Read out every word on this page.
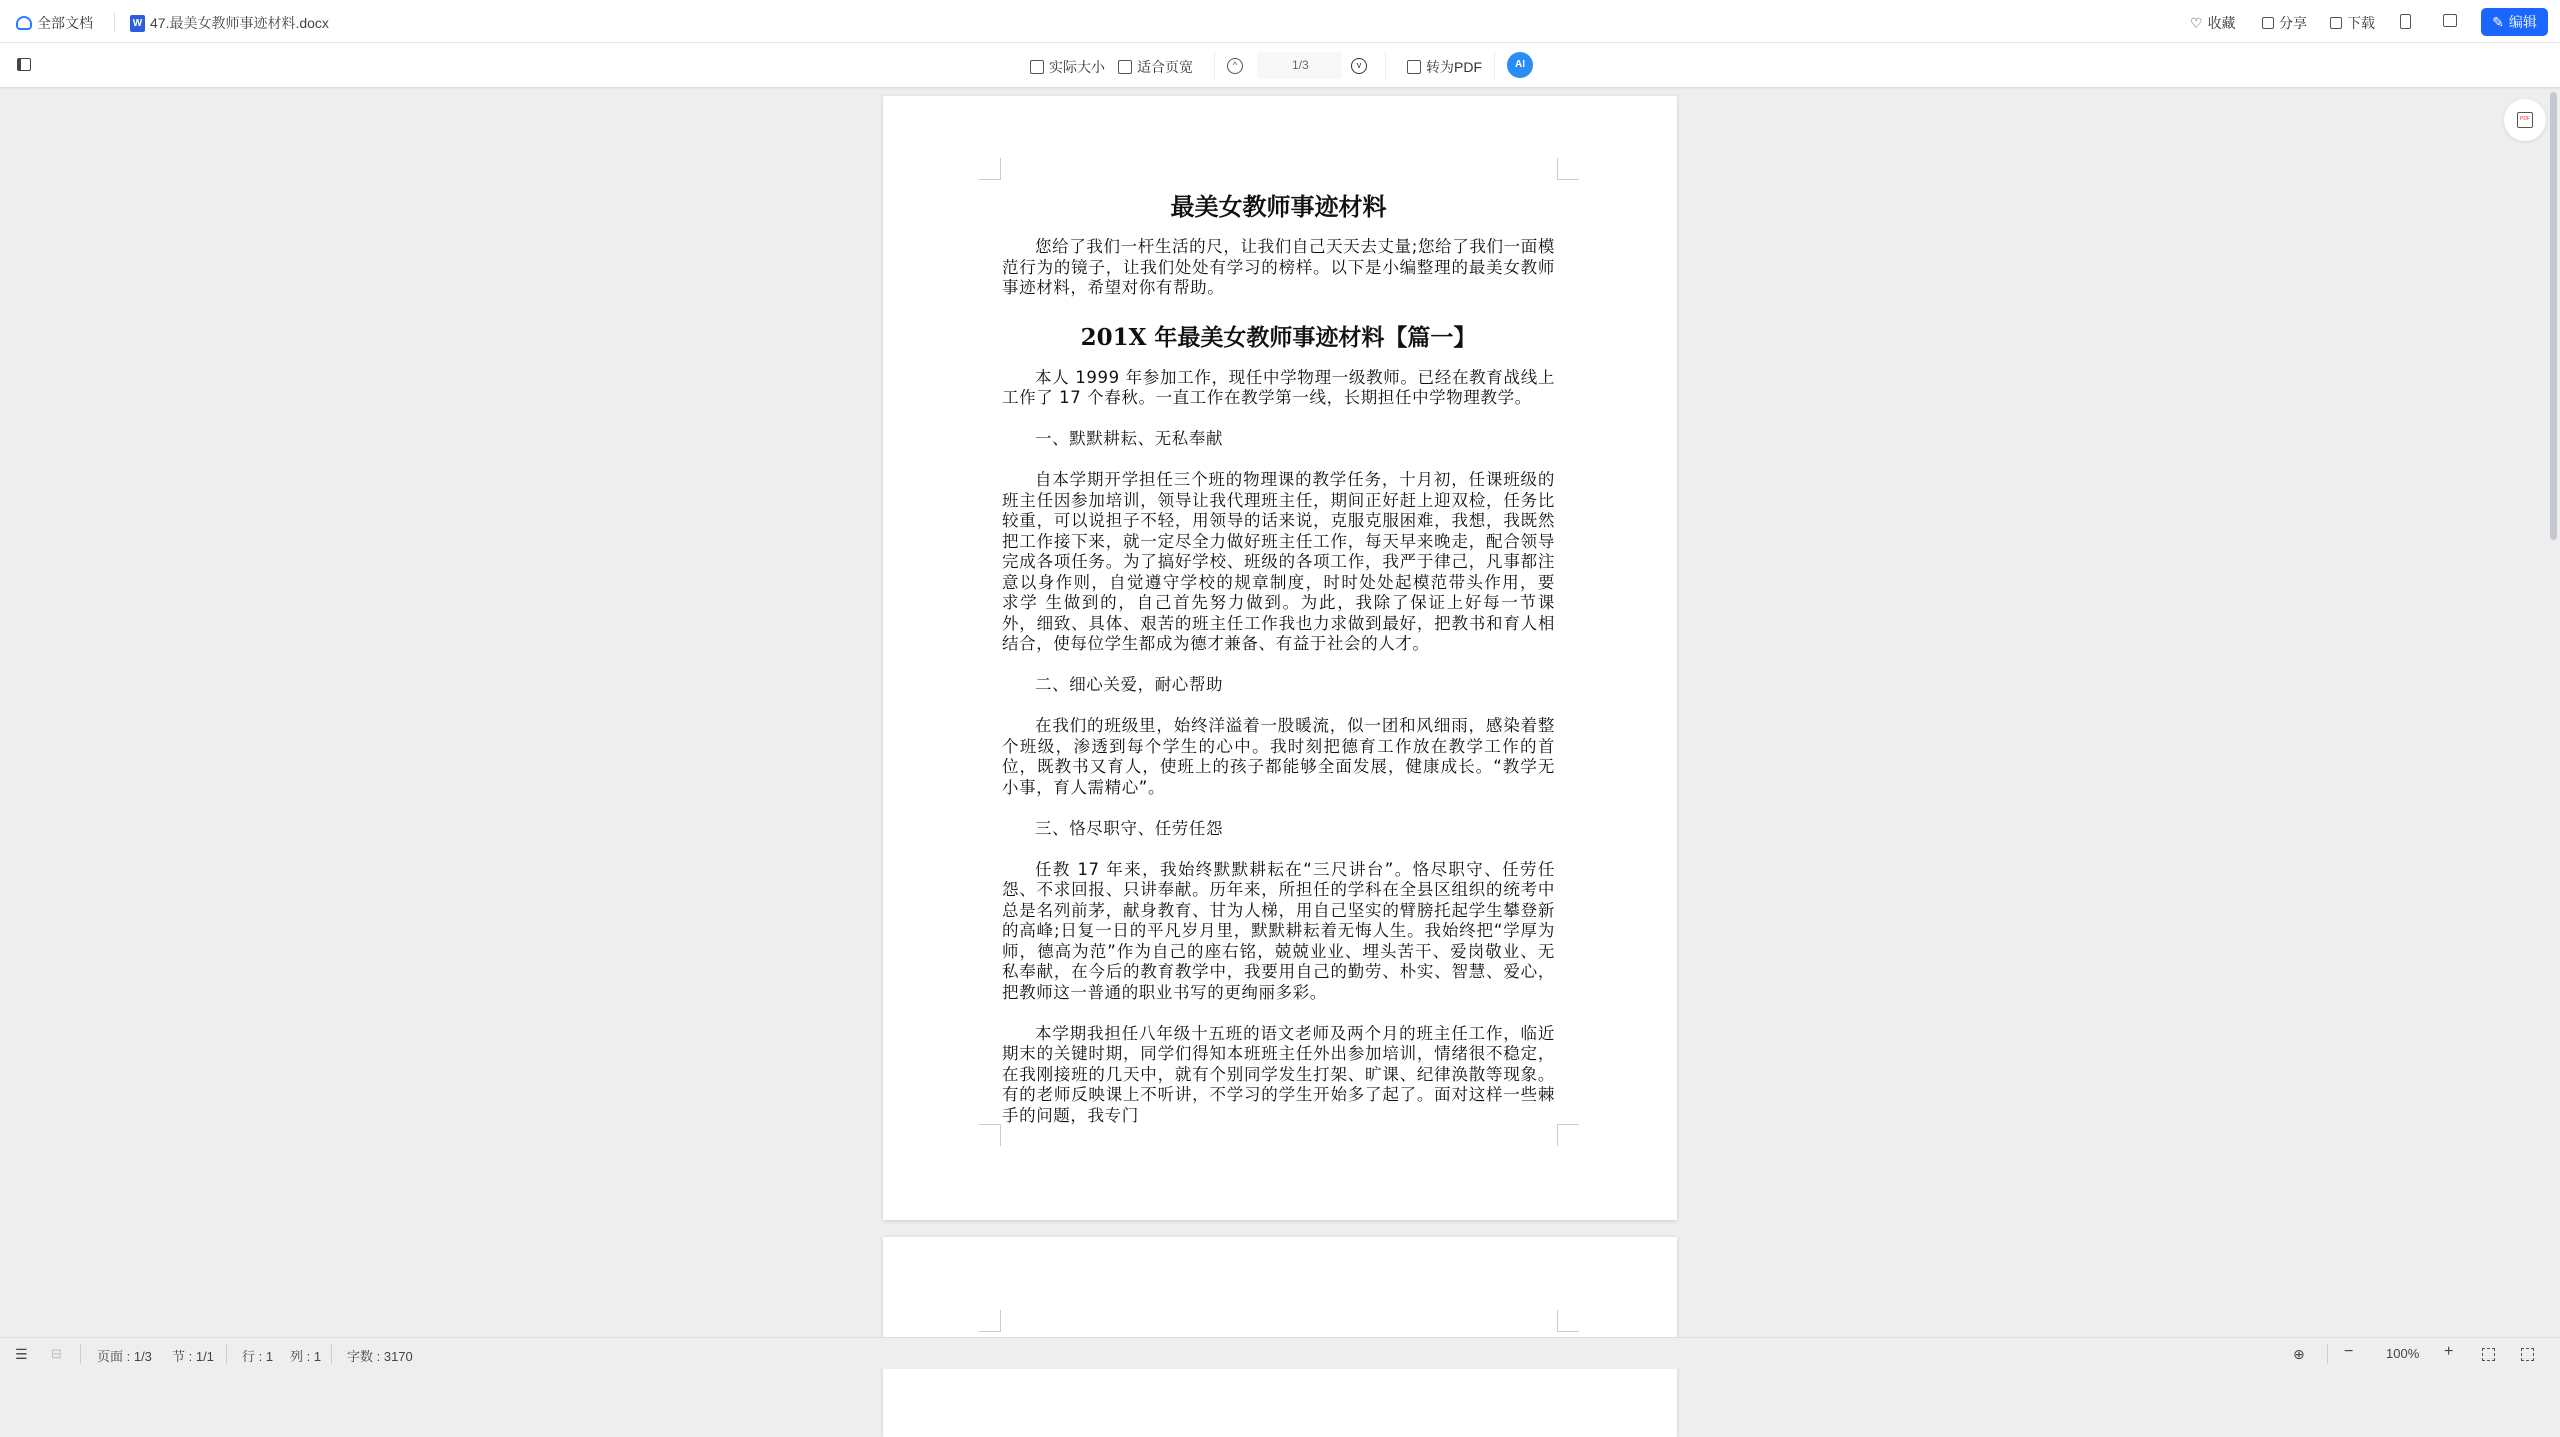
全部文档	W 47.最美女教师事迹材料.docx	♡ 收藏	分享	下载	✎ 编辑
实际大小 适合页宽	^	1/3	v	转为PDF	AI
最美女教师事迹材料

您给了我们一杆生活的尺，让我们自己天天去丈量;您给了我们一面模范行为的镜子，让我们处处有学习的榜样。以下是小编整理的最美女教师事迹材料，希望对你有帮助。

201X 年最美女教师事迹材料【篇一】

本人 1999 年参加工作，现任中学物理一级教师。已经在教育战线上工作了 17 个春秋。一直工作在教学第一线，长期担任中学物理教学。

一、默默耕耘、无私奉献

自本学期开学担任三个班的物理课的教学任务，十月初，任课班级的班主任因参加培训，领导让我代理班主任，期间正好赶上迎双检，任务比较重，可以说担子不轻，用领导的话来说，克服克服困难，我想，我既然把工作接下来，就一定尽全力做好班主任工作，每天早来晚走，配合领导完成各项任务。为了搞好学校、班级的各项工作，我严于律己，凡事都注意以身作则，自觉遵守学校的规章制度，时时处处起模范带头作用，要 求学 生做到的，自己首先努力做到。为此，我除了保证上好每一节课外，细致、具体、艰苦的班主任工作我也力求做到最好，把教书和育人相结合，使每位学生都成为德才兼备、有益于社会的人才。

二、细心关爱，耐心帮助

在我们的班级里，始终洋溢着一股暖流，似一团和风细雨，感染着整个班级，渗透到每个学生的心中。我时刻把德育工作放在教学工作的首位，既教书又育人，使班上的孩子都能够全面发展，健康成长。“教学无小事，育人需精心”。

三、恪尽职守、任劳任怨

任教 17 年来，我始终默默耕耘在“三尺讲台”。恪尽职守、任劳任怨、不求回报、只讲奉献。历年来，所担任的学科在全县区组织的统考中总是名列前茅，献身教育、甘为人梯，用自己坚实的臂膀托起学生攀登新的高峰;日复一日的平凡岁月里，默默耕耘着无悔人生。我始终把“学厚为师，德高为范”作为自己的座右铭，兢兢业业、埋头苦干、爱岗敬业、无私奉献，在今后的教育教学中，我要用自己的勤劳、朴实、智慧、爱心，把教师这一普通的职业书写的更绚丽多彩。

本学期我担任八年级十五班的语文老师及两个月的班主任工作，临近期末的关键时期，同学们得知本班班主任外出参加培训，情绪很不稳定，在我刚接班的几天中，就有个别同学发生打架、旷课、纪律涣散等现象。有的老师反映课上不听讲，不学习的学生开始多了起了。面对这样一些棘手的问题，我专门

PDF
☰ ⊟	页面 : 1/3 节 : 1/1 行 : 1 列 : 1 字数 : 3170	⊕ −	100% +
